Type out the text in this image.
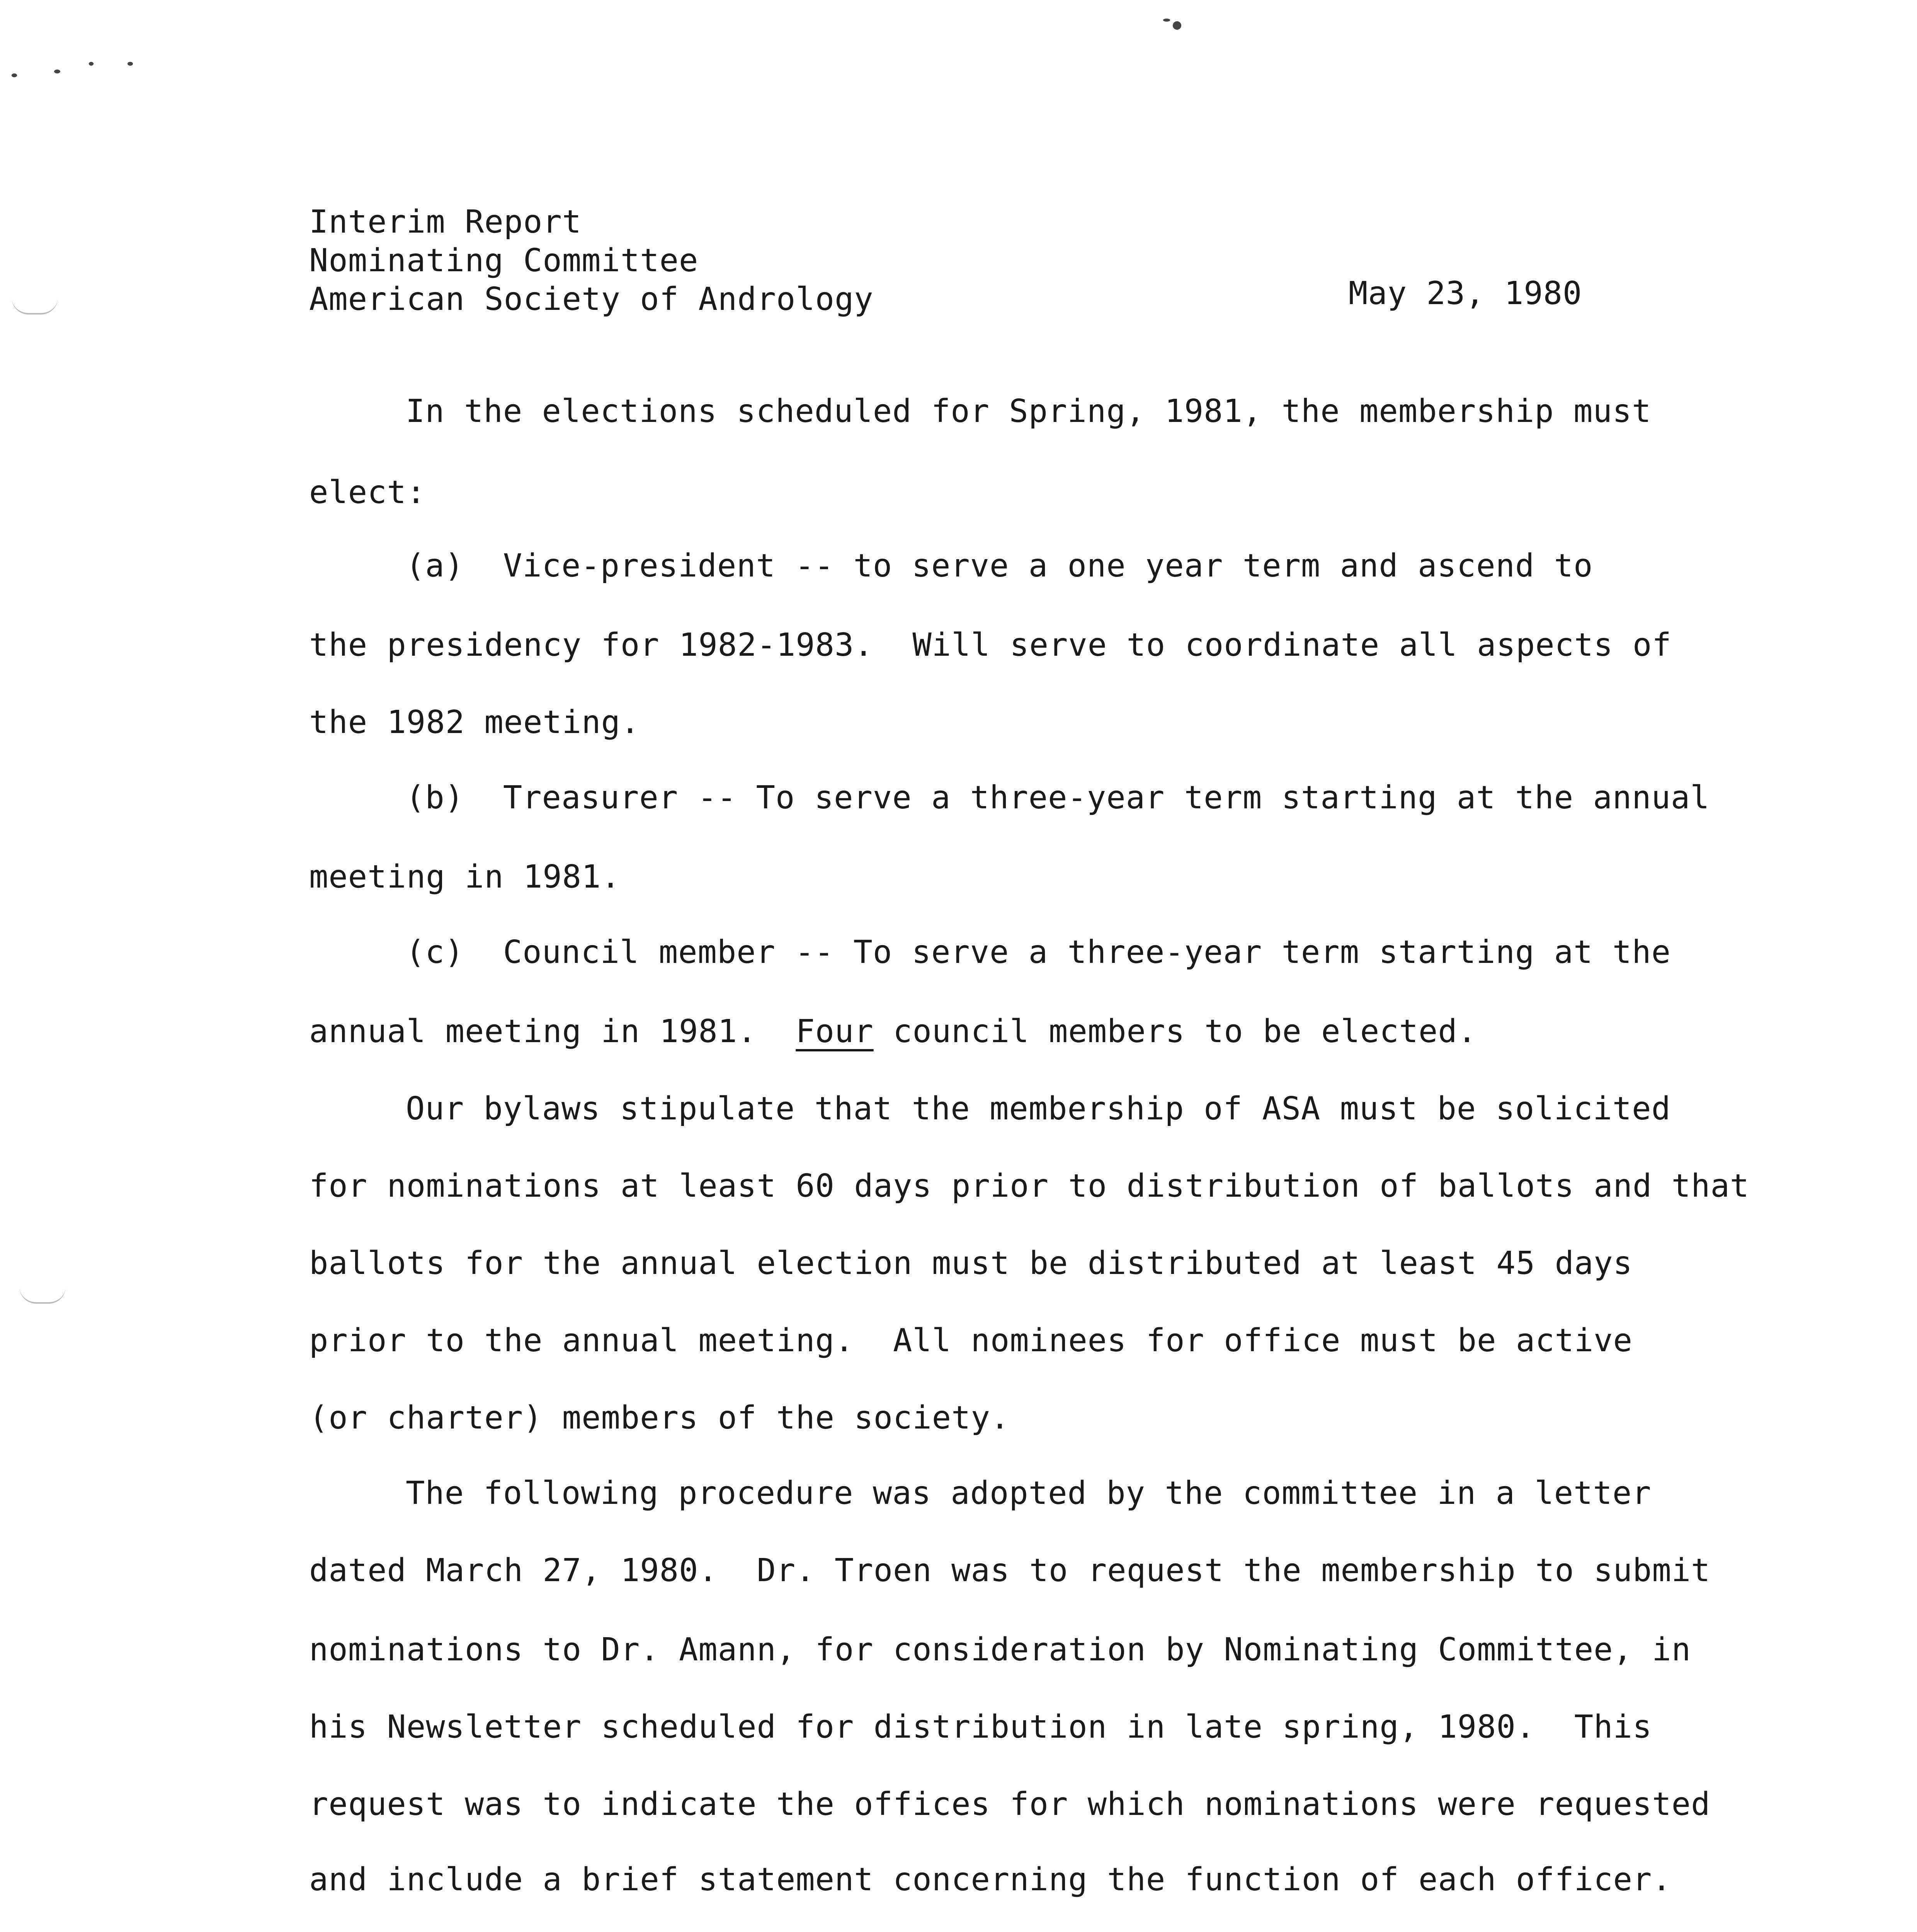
Interim Report
Nominating Committee
American Society of Andrology	May 23, 1980
In the elections scheduled for Spring, 1981, the membership must
elect:
(a)  Vice-president -- to serve a one year term and ascend to
the presidency for 1982-1983.  Will serve to coordinate all aspects of
the 1982 meeting.
(b)  Treasurer -- To serve a three-year term starting at the annual
meeting in 1981.
(c)  Council member -- To serve a three-year term starting at the
annual meeting in 1981.  Four council members to be elected.
Our bylaws stipulate that the membership of ASA must be solicited
for nominations at least 60 days prior to distribution of ballots and that
ballots for the annual election must be distributed at least 45 days
prior to the annual meeting.  All nominees for office must be active
(or charter) members of the society.
The following procedure was adopted by the committee in a letter
dated March 27, 1980.  Dr. Troen was to request the membership to submit
nominations to Dr. Amann, for consideration by Nominating Committee, in
his Newsletter scheduled for distribution in late spring, 1980.  This
request was to indicate the offices for which nominations were requested
and include a brief statement concerning the function of each officer.
